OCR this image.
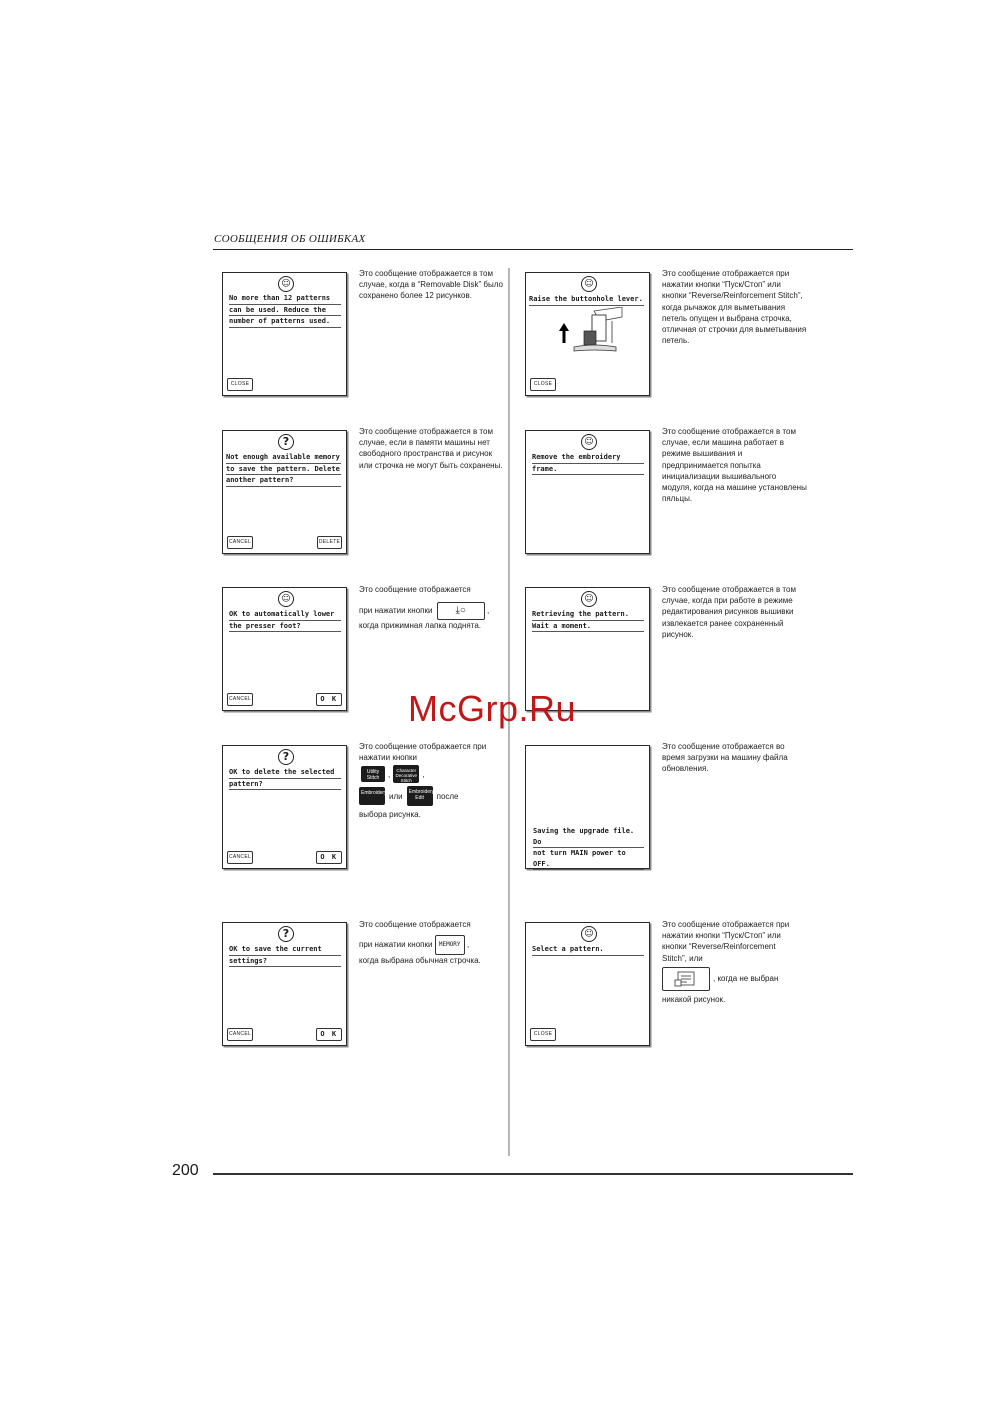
СООБЩЕНИЯ ОБ ОШИБКАХ
☺
No more than 12 patterns
can be used. Reduce the
number of patterns used.
CLOSE
Это сообщение отображается в том случае, когда в “Removable Disk” было сохранено более 12 рисунков.
?
Not enough available memory
to save the pattern. Delete
another pattern?
CANCEL	DELETE
Это сообщение отображается в том случае, если в памяти машины нет свободного пространства и рисунок или строчка не могут быть сохранены.
☺
OK to automatically lower
the presser foot?
CANCEL	O K
Это сообщение отображается
при нажатии кнопки ⤓○	,
когда прижимная лапка поднята.
?
OK to delete the selected
pattern?
CANCEL	O K
Это сообщение отображается при нажатии кнопки
Utility Stitch	,	Character Decorative Stitch
,
Embroidery или	Embroidery Edit	после
выбора рисунка.
?
OK to save the current
settings?
CANCEL	O K
Это сообщение отображается
при нажатии кнопки MEMORY ,
когда выбрана обычная строчка.
☺
Raise the buttonhole lever.
CLOSE
Это сообщение отображается при нажатии кнопки “Пуск/Стоп” или кнопки “Reverse/Reinforcement Stitch”, когда рычажок для выметывания петель опущен и выбрана строчка, отличная от строчки для выметывания петель.
☺
Remove the embroidery
frame.
Это сообщение отображается в том случае, если машина работает в режиме вышивания и предпринимается попытка инициализации вышивального модуля, когда на машине установлены пяльцы.
☺
Retrieving the pattern.
Wait a moment.
Это сообщение отображается в том случае, когда при работе в режиме редактирования рисунков вышивки извлекается ранее сохраненный рисунок.
Saving the upgrade file. Do
not turn MAIN power to OFF.
Это сообщение отображается во время загрузки на машину файла обновления.
☺
Select a pattern.
CLOSE
Это сообщение отображается при нажатии кнопки “Пуск/Стоп” или кнопки “Reverse/Reinforcement Stitch”, или
, когда не выбран
никакой рисунок.
McGrp.Ru
200
